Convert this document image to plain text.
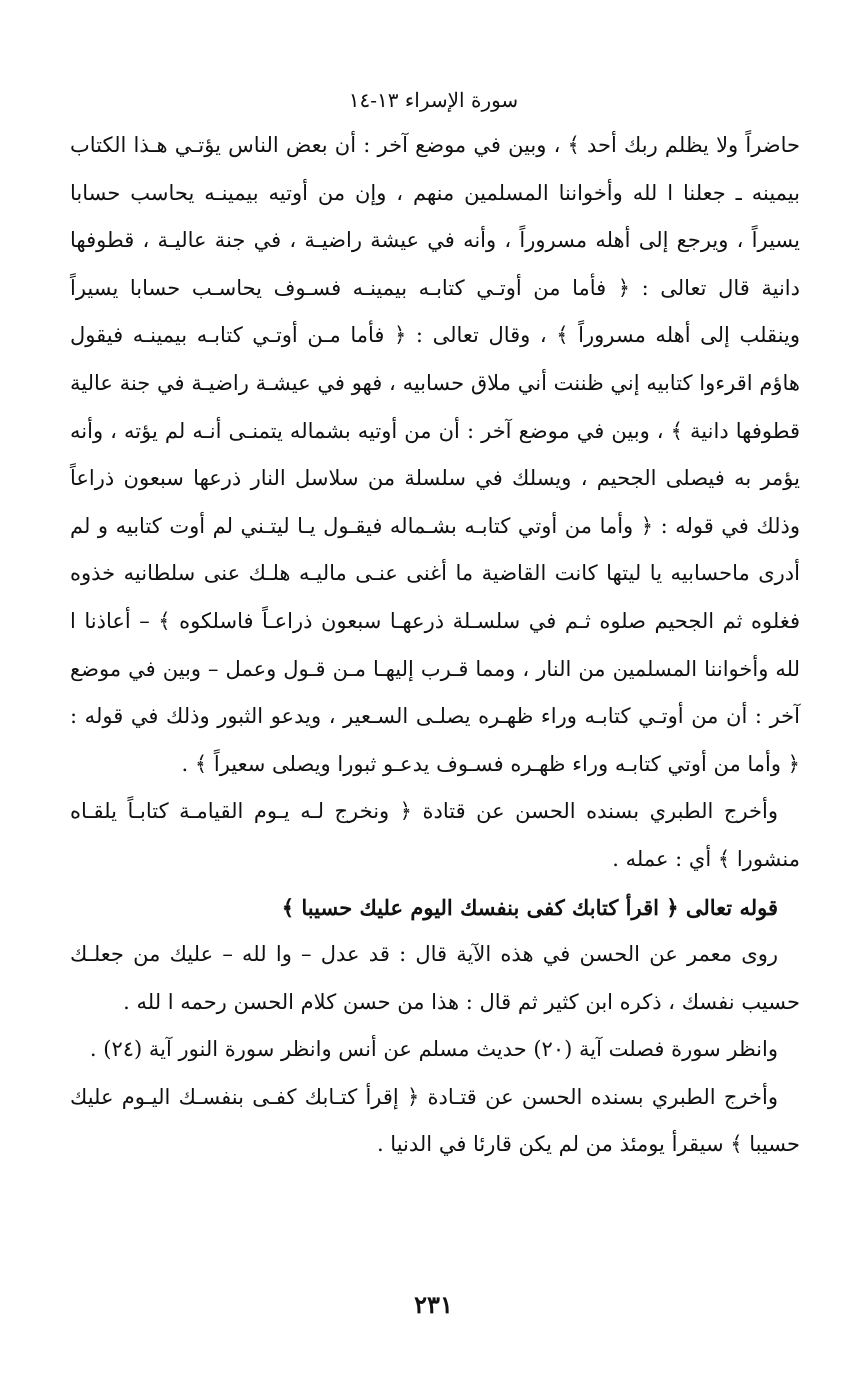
سورة الإسراء ١٣-١٤

حاضراً ولا يظلم ربك أحد ﴾ ، وبين في موضع آخر : أن بعض الناس يؤتـي هـذا الكتاب بيمينه ـ جعلنا ا لله وأخواننا المسلمين منهم ، وإن من أوتيه بيمينـه يحاسب حسابا يسيراً ، ويرجع إلى أهله مسروراً ، وأنه في عيشة راضيـة ، في جنة عاليـة ، قطوفها دانية قال تعالى : ﴿ فأما من أوتـي كتابـه بيمينـه فسـوف يحاسـب حسابا يسيراً وينقلب إلى أهله مسروراً ﴾ ، وقال تعالى : ﴿ فأما مـن أوتـي كتابـه بيمينـه فيقول هاؤم اقرءوا كتابيه إني ظننت أني ملاق حسابيه ، فهو في عيشـة راضيـة في جنة عالية قطوفها دانية ﴾ ، وبين في موضع آخر : أن من أوتيه بشماله يتمنـى أنـه لم يؤته ، وأنه يؤمر به فيصلى الجحيم ، ويسلك في سلسلة من سلاسل النار ذرعها سبعون ذراعاً وذلك في قوله : ﴿ وأما من أوتي كتابـه بشـماله فيقـول يـا ليتـني لم أوت كتابيه و لم أدرى ماحسابيه يا ليتها كانت القاضية ما أغنى عنـى ماليـه هلـك عنى سلطانيه خذوه فغلوه ثم الجحيم صلوه ثـم في سلسـلة ذرعهـا سبعون ذراعـاً فاسلكوه ﴾ – أعاذنا ا لله وأخواننا المسلمين من النار ، ومما قـرب إليهـا مـن قـول وعمل – وبين في موضع آخر : أن من أوتـي كتابـه وراء ظهـره يصلـى السـعير ، ويدعو الثبور وذلك في قوله : ﴿ وأما من أوتي كتابـه وراء ظهـره فسـوف يدعـو ثبورا ويصلى سعيراً ﴾ .

وأخرج الطبري بسنده الحسن عن قتادة ﴿ ونخرج لـه يـوم القيامـة كتابـاً يلقـاه منشورا ﴾ أي : عمله .

قوله تعالى ﴿ اقرأ كتابك كفى بنفسك اليوم عليك حسيبا ﴾

روى معمر عن الحسن في هذه الآية قال : قد عدل – وا لله – عليك من جعلـك حسيب نفسك ، ذكره ابن كثير ثم قال : هذا من حسن كلام الحسن رحمه ا لله .

وانظر سورة فصلت آية (٢٠) حديث مسلم عن أنس وانظر سورة النور آية (٢٤) .

وأخرج الطبري بسنده الحسن عن قتـادة ﴿ إقرأ كتـابك كفـى بنفسـك اليـوم عليك حسيبا ﴾ سيقرأ يومئذ من لم يكن قارئا في الدنيا .

٢٣١
